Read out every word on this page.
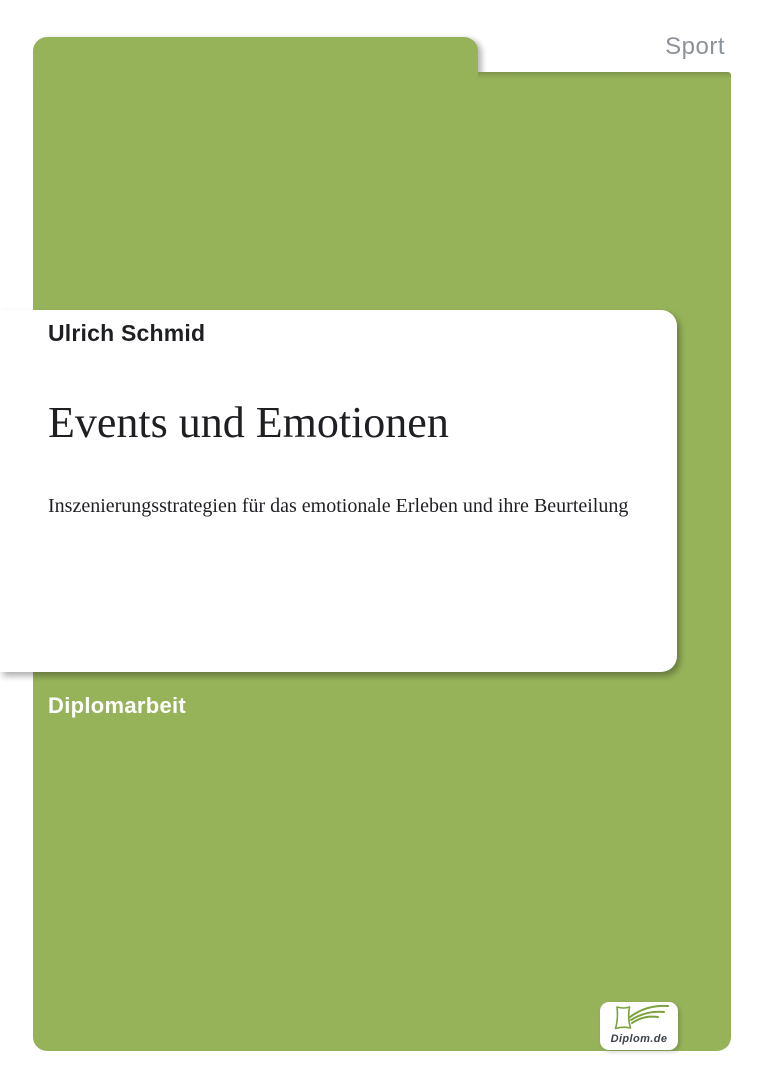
Sport
Ulrich Schmid
Events und Emotionen

Inszenierungsstrategien für das emotionale Erleben und ihre Beurteilung

Diplomarbeit
Diplom.de
